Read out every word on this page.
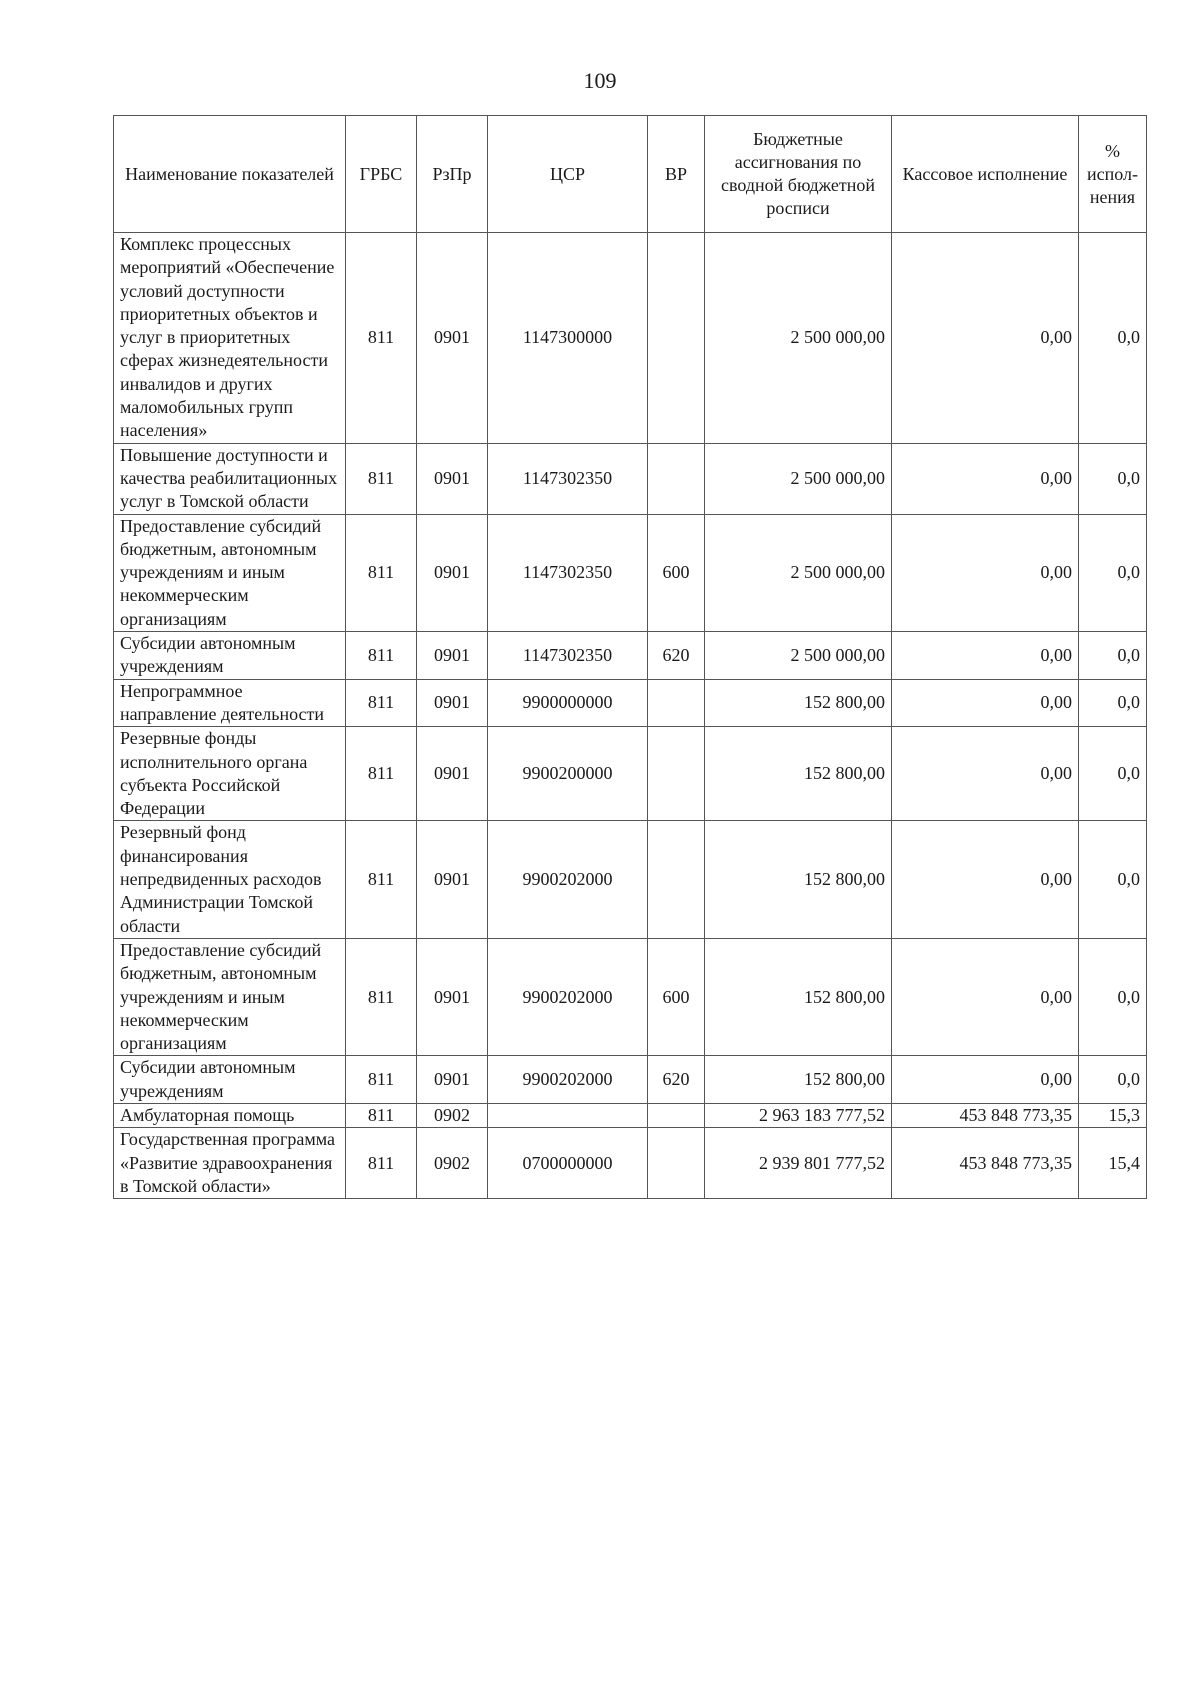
109
Наименование показателей	ГРБС	РзПр	ЦСР	ВР	Бюджетные ассигнования по сводной бюджетной росписи	Кассовое исполнение	% испол-нения
Комплекс процессных мероприятий «Обеспечение условий доступности приоритетных объектов и услуг в приоритетных сферах жизнедеятельности инвалидов и других маломобильных групп населения»	811	0901	1147300000		2 500 000,00	0,00	0,0
Повышение доступности и качества реабилитационных услуг в Томской области	811	0901	1147302350		2 500 000,00	0,00	0,0
Предоставление субсидий бюджетным, автономным учреждениям и иным некоммерческим организациям	811	0901	1147302350	600	2 500 000,00	0,00	0,0
Субсидии автономным учреждениям	811	0901	1147302350	620	2 500 000,00	0,00	0,0
Непрограммное направление деятельности	811	0901	9900000000		152 800,00	0,00	0,0
Резервные фонды исполнительного органа субъекта Российской Федерации	811	0901	9900200000		152 800,00	0,00	0,0
Резервный фонд финансирования непредвиденных расходов Администрации Томской области	811	0901	9900202000		152 800,00	0,00	0,0
Предоставление субсидий бюджетным, автономным учреждениям и иным некоммерческим организациям	811	0901	9900202000	600	152 800,00	0,00	0,0
Субсидии автономным учреждениям	811	0901	9900202000	620	152 800,00	0,00	0,0
Амбулаторная помощь	811	0902			2 963 183 777,52	453 848 773,35	15,3
Государственная программа «Развитие здравоохранения в Томской области»	811	0902	0700000000		2 939 801 777,52	453 848 773,35	15,4
